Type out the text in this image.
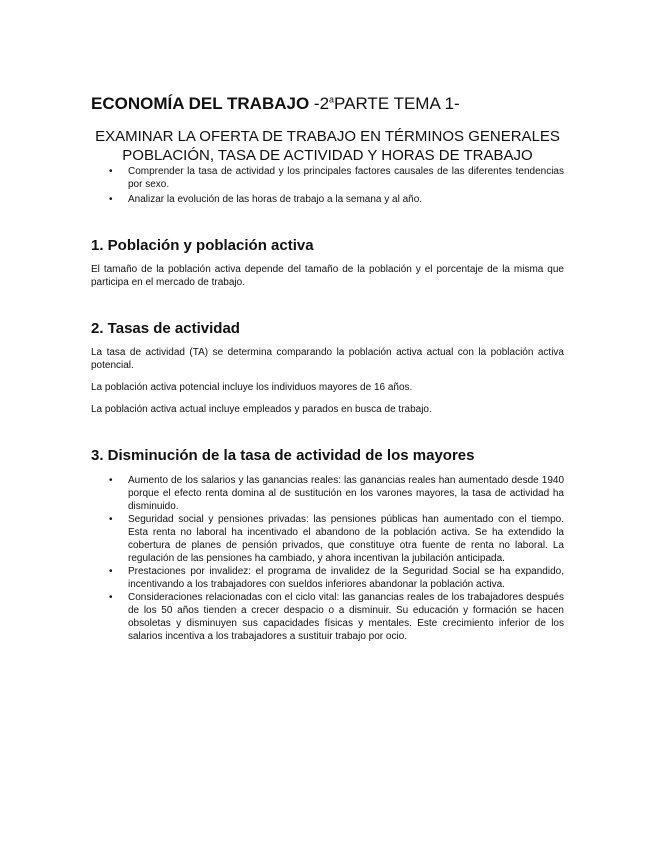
ECONOMÍA DEL TRABAJO -2$^a$PARTE TEMA 1-
EXAMINAR LA OFERTA DE TRABAJO EN TÉRMINOS GENERALES
POBLACIÓN, TASA DE ACTIVIDAD Y HORAS DE TRABAJO
• Comprender la tasa de actividad y los principales factores causales de las diferentes tendencias por sexo.
• Analizar la evolución de las horas de trabajo a la semana y al año.
1. Población y población activa

El tamaño de la población activa depende del tamaño de la población y el porcentaje de la misma que participa en el mercado de trabajo.

2. Tasas de actividad

La tasa de actividad (TA) se determina comparando la población activa actual con la población activa potencial.

La población activa potencial incluye los individuos mayores de 16 años.

La población activa actual incluye empleados y parados en busca de trabajo.

3. Disminución de la tasa de actividad de los mayores
• Aumento de los salarios y las ganancias reales: las ganancias reales han aumentado desde 1940 porque el efecto renta domina al de sustitución en los varones mayores, la tasa de actividad ha disminuido.
• Seguridad social y pensiones privadas: las pensiones públicas han aumentado con el tiempo. Esta renta no laboral ha incentivado el abandono de la población activa. Se ha extendido la cobertura de planes de pensión privados, que constituye otra fuente de renta no laboral. La regulación de las pensiones ha cambiado, y ahora incentivan la jubilación anticipada.
• Prestaciones por invalidez: el programa de invalidez de la Seguridad Social se ha expandido, incentivando a los trabajadores con sueldos inferiores abandonar la población activa.
• Consideraciones relacionadas con el ciclo vital: las ganancias reales de los trabajadores después de los 50 años tienden a crecer despacio o a disminuir. Su educación y formación se hacen obsoletas y disminuyen sus capacidades físicas y mentales. Este crecimiento inferior de los salarios incentiva a los trabajadores a sustituir trabajo por ocio.
